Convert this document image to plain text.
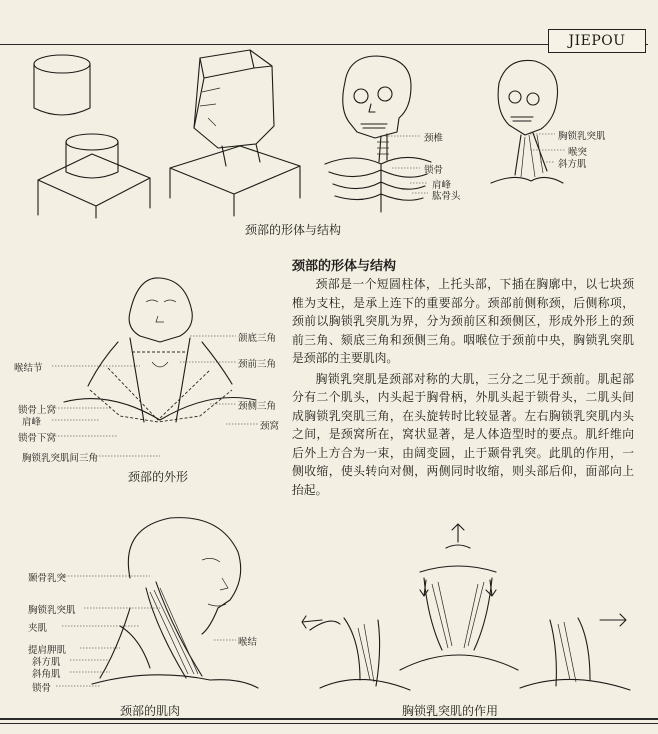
JIEPOU
颈椎
锁骨
肩峰
肱骨头
胸锁乳突肌
喉突
斜方肌
颈部的形体与结构
颌底三角
颈前三角
颈侧三角
颈窝
喉结节
锁骨上窝
肩峰
锁骨下窝
胸锁乳突肌间三角
颈部的外形
颈部的形体与结构

颈部是一个短圆柱体，上托头部，下插在胸廓中，以七块颈椎为支柱，是承上连下的重要部分。颈部前侧称颈，后侧称项，颈前以胸锁乳突肌为界，分为颈前区和颈侧区，形成外形上的颈前三角、颏底三角和颈侧三角。咽喉位于颈前中央，胸锁乳突肌是颈部的主要肌肉。

胸锁乳突肌是颈部对称的大肌，三分之二见于颈前。肌起部分有二个肌头，内头起于胸骨柄，外肌头起于锁骨头，二肌头间成胸锁乳突肌三角，在头旋转时比较显著。左右胸锁乳突肌内头之间，是颈窝所在，窝状显著，是人体造型时的要点。肌纤维向后外上方合为一束，由阔变圆，止于颞骨乳突。此肌的作用，一侧收缩，使头转向对侧，两侧同时收缩，则头部后仰，面部向上抬起。

颞骨乳突
胸锁乳突肌
夹肌
提肩胛肌
斜方肌
斜角肌
锁骨
喉结
颈部的肌肉	胸锁乳突肌的作用
